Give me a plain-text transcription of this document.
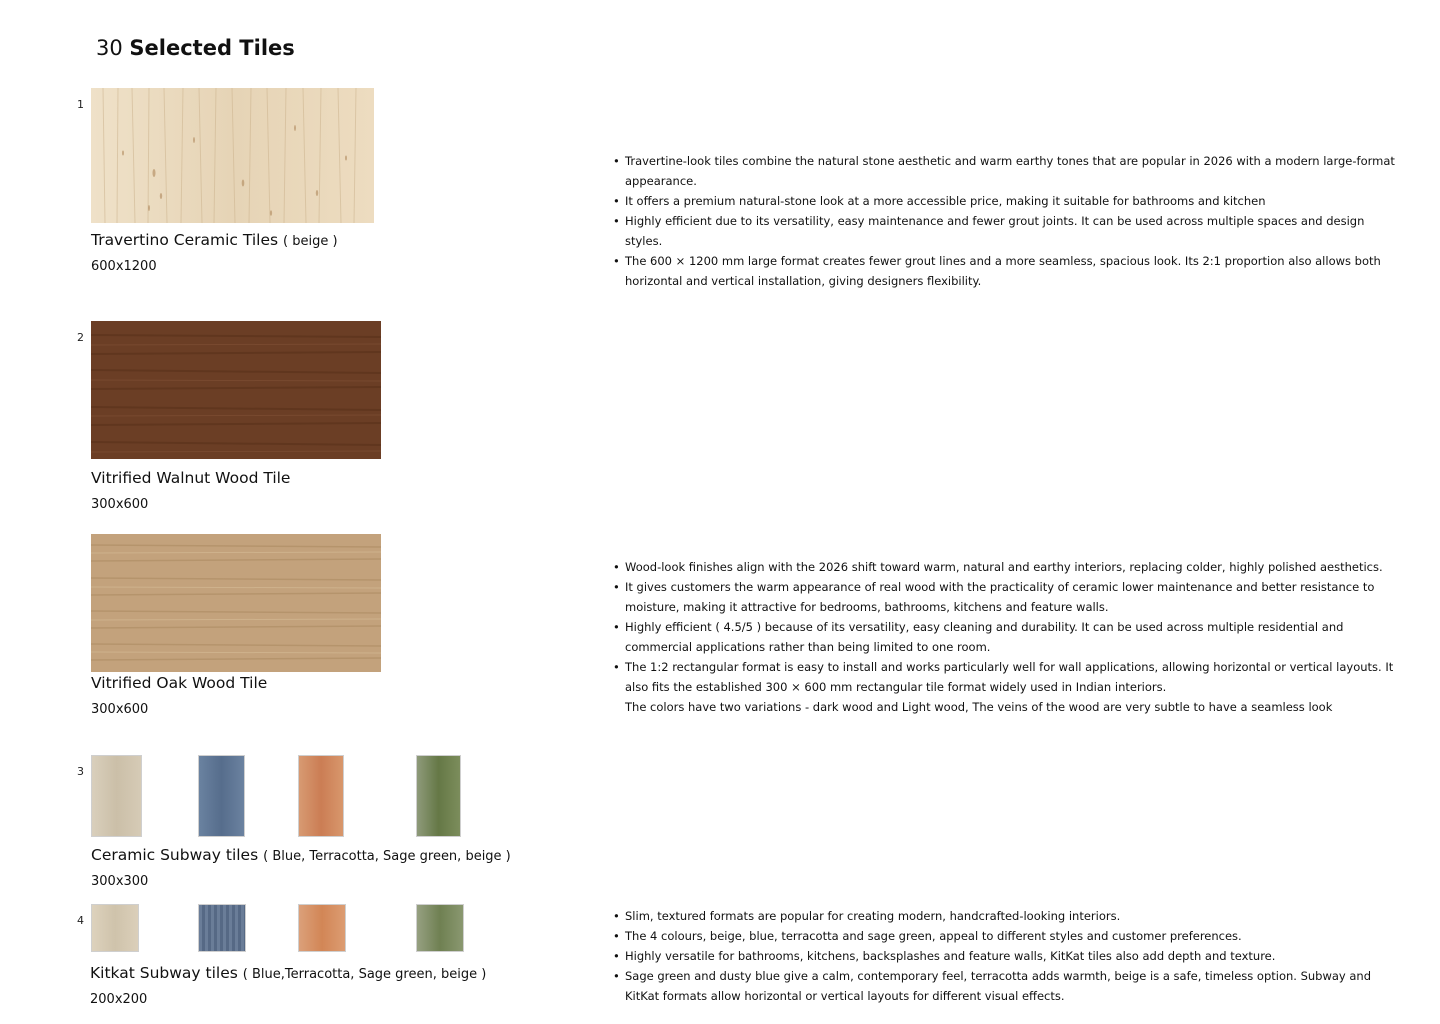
30 Selected Tiles
1
Travertino Ceramic Tiles ( beige )
600x1200
• Travertine-look tiles combine the natural stone aesthetic and warm earthy tones that are popular in 2026 with a modern large-format appearance.
• It offers a premium natural-stone look at a more accessible price, making it suitable for bathrooms and kitchen
• Highly efficient due to its versatility, easy maintenance and fewer grout joints. It can be used across multiple spaces and design styles.
• The 600 × 1200 mm large format creates fewer grout lines and a more seamless, spacious look. Its 2:1 proportion also allows both horizontal and vertical installation, giving designers flexibility.
2
Vitrified Walnut Wood Tile
300x600
Vitrified Oak Wood Tile
300x600
• Wood-look finishes align with the 2026 shift toward warm, natural and earthy interiors, replacing colder, highly polished aesthetics.
• It gives customers the warm appearance of real wood with the practicality of ceramic lower maintenance and better resistance to moisture, making it attractive for bedrooms, bathrooms, kitchens and feature walls.
• Highly efficient ( 4.5/5 ) because of its versatility, easy cleaning and durability. It can be used across multiple residential and commercial applications rather than being limited to one room.
• The 1:2 rectangular format is easy to install and works particularly well for wall applications, allowing horizontal or vertical layouts. It also fits the established 300 × 600 mm rectangular tile format widely used in Indian interiors.
The colors have two variations - dark wood and Light wood, The veins of the wood are very subtle to have a seamless look
3
Ceramic Subway tiles ( Blue, Terracotta, Sage green, beige )
300x300
4
Kitkat Subway tiles ( Blue,Terracotta, Sage green, beige )
200x200
• Slim, textured formats are popular for creating modern, handcrafted-looking interiors.
• The 4 colours, beige, blue, terracotta and sage green, appeal to different styles and customer preferences.
• Highly versatile for bathrooms, kitchens, backsplashes and feature walls, KitKat tiles also add depth and texture.
• Sage green and dusty blue give a calm, contemporary feel, terracotta adds warmth, beige is a safe, timeless option. Subway and KitKat formats allow horizontal or vertical layouts for different visual effects.
